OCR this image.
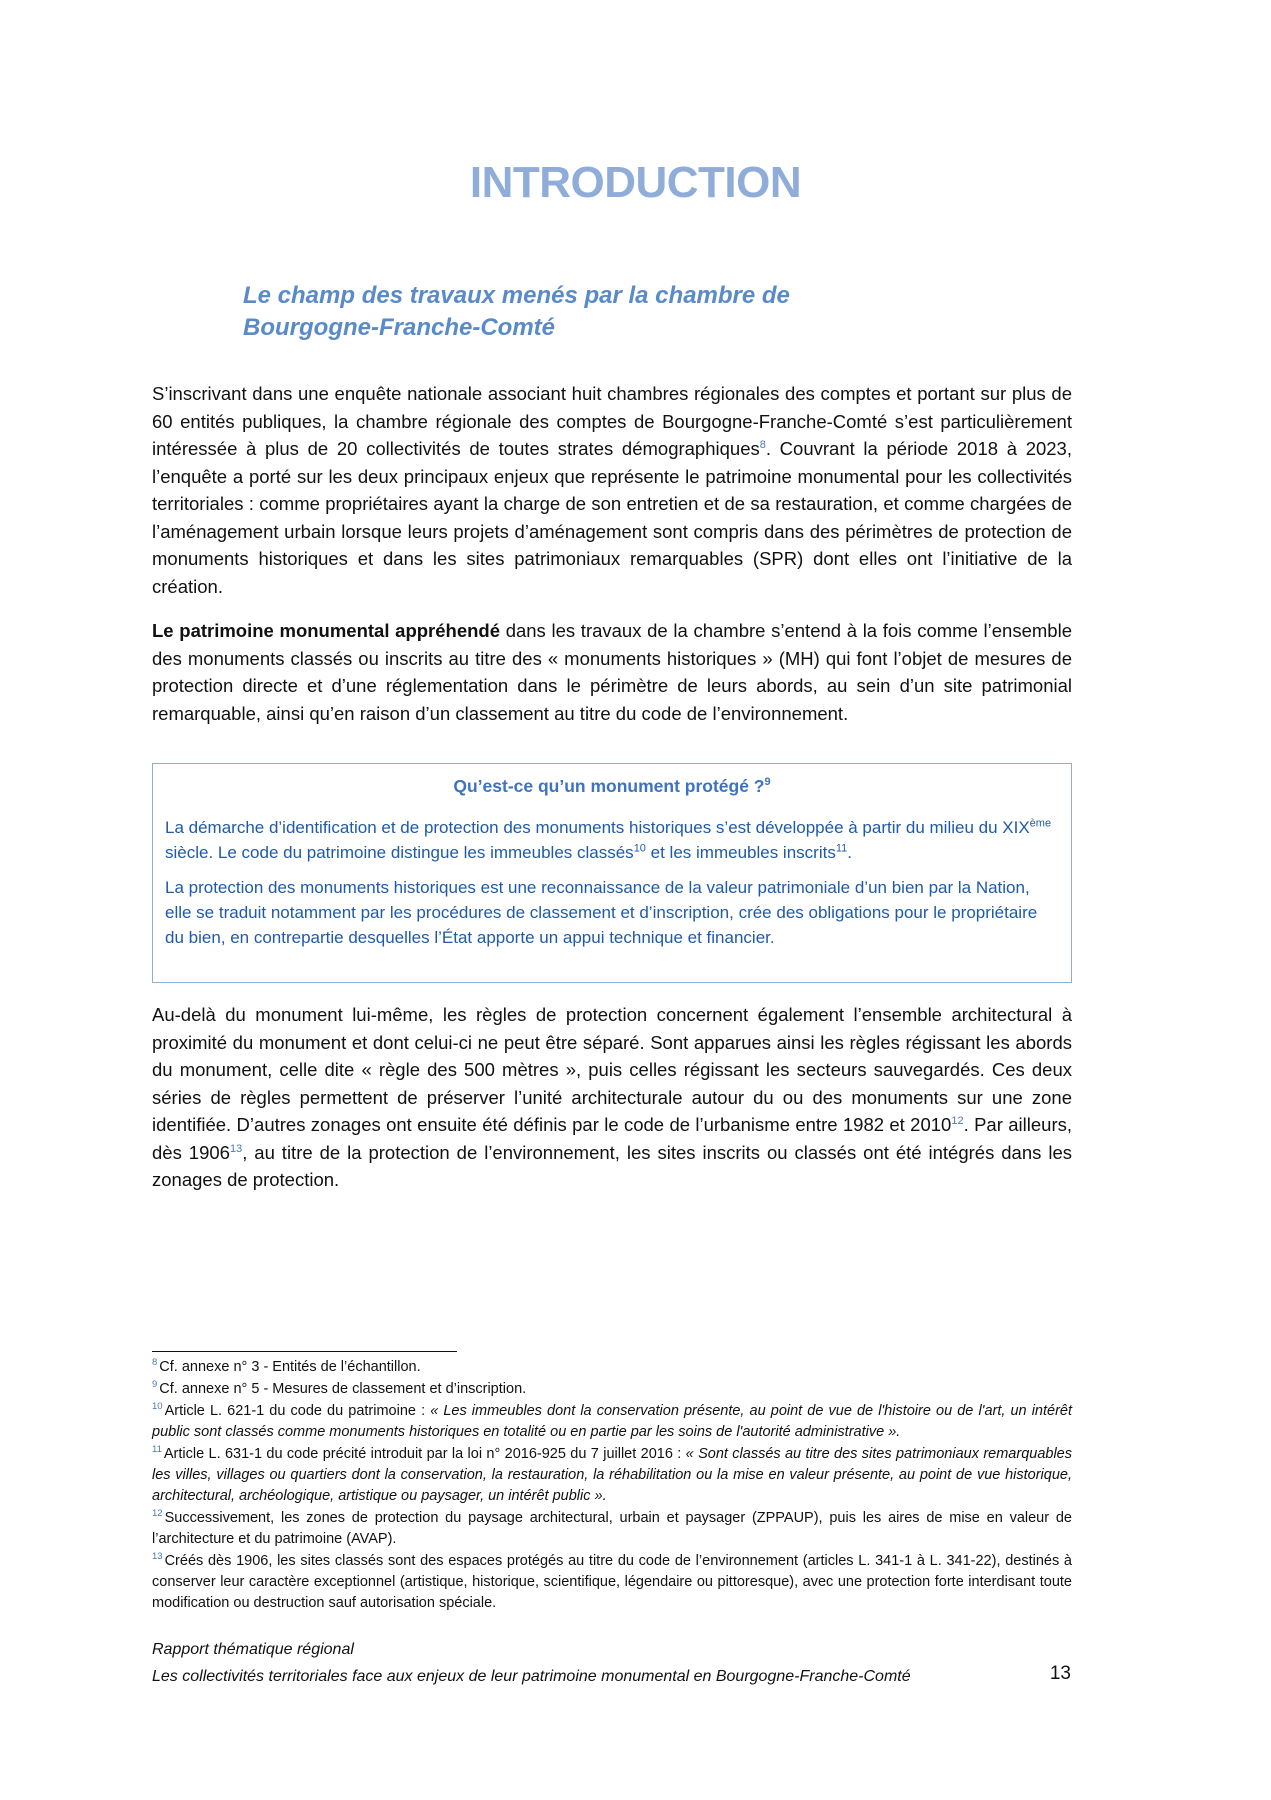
INTRODUCTION
Le champ des travaux menés par la chambre de
Bourgogne-Franche-Comté
S’inscrivant dans une enquête nationale associant huit chambres régionales des comptes et portant sur plus de 60 entités publiques, la chambre régionale des comptes de Bourgogne-Franche-Comté s’est particulièrement intéressée à plus de 20 collectivités de toutes strates démographiques$^8$. Couvrant la période 2018 à 2023, l’enquête a porté sur les deux principaux enjeux que représente le patrimoine monumental pour les collectivités territoriales : comme propriétaires ayant la charge de son entretien et de sa restauration, et comme chargées de l’aménagement urbain lorsque leurs projets d’aménagement sont compris dans des périmètres de protection de monuments historiques et dans les sites patrimoniaux remarquables (SPR) dont elles ont l’initiative de la création.
Le patrimoine monumental appréhendé dans les travaux de la chambre s’entend à la fois comme l’ensemble des monuments classés ou inscrits au titre des « monuments historiques » (MH) qui font l’objet de mesures de protection directe et d’une réglementation dans le périmètre de leurs abords, au sein d’un site patrimonial remarquable, ainsi qu’en raison d’un classement au titre du code de l’environnement.
Qu’est-ce qu’un monument protégé ?$^9$
La démarche d’identification et de protection des monuments historiques s’est développée à partir du milieu du XIXème siècle. Le code du patrimoine distingue les immeubles classés$^{10}$ et les immeubles inscrits$^{11}$.
La protection des monuments historiques est une reconnaissance de la valeur patrimoniale d’un bien par la Nation, elle se traduit notamment par les procédures de classement et d’inscription, crée des obligations pour le propriétaire du bien, en contrepartie desquelles l’État apporte un appui technique et financier.
Au-delà du monument lui-même, les règles de protection concernent également l’ensemble architectural à proximité du monument et dont celui-ci ne peut être séparé. Sont apparues ainsi les règles régissant les abords du monument, celle dite « règle des 500 mètres », puis celles régissant les secteurs sauvegardés. Ces deux séries de règles permettent de préserver l’unité architecturale autour du ou des monuments sur une zone identifiée. D’autres zonages ont ensuite été définis par le code de l’urbanisme entre 1982 et 2010$^{12}$. Par ailleurs, dès 1906$^{13}$, au titre de la protection de l’environnement, les sites inscrits ou classés ont été intégrés dans les zonages de protection.
$^8$ Cf. annexe n° 3 - Entités de l’échantillon.
$^9$ Cf. annexe n° 5 - Mesures de classement et d’inscription.
$^{10}$ Article L. 621-1 du code du patrimoine : « Les immeubles dont la conservation présente, au point de vue de l'histoire ou de l'art, un intérêt public sont classés comme monuments historiques en totalité ou en partie par les soins de l'autorité administrative ».
$^{11}$ Article L. 631-1 du code précité introduit par la loi n° 2016-925 du 7 juillet 2016 : « Sont classés au titre des sites patrimoniaux remarquables les villes, villages ou quartiers dont la conservation, la restauration, la réhabilitation ou la mise en valeur présente, au point de vue historique, architectural, archéologique, artistique ou paysager, un intérêt public ».
$^{12}$ Successivement, les zones de protection du paysage architectural, urbain et paysager (ZPPAUP), puis les aires de mise en valeur de l’architecture et du patrimoine (AVAP).
$^{13}$ Créés dès 1906, les sites classés sont des espaces protégés au titre du code de l’environnement (articles L. 341-1 à L. 341-22), destinés à conserver leur caractère exceptionnel (artistique, historique, scientifique, légendaire ou pittoresque), avec une protection forte interdisant toute modification ou destruction sauf autorisation spéciale.
Rapport thématique régional
Les collectivités territoriales face aux enjeux de leur patrimoine monumental en Bourgogne-Franche-Comté	13
